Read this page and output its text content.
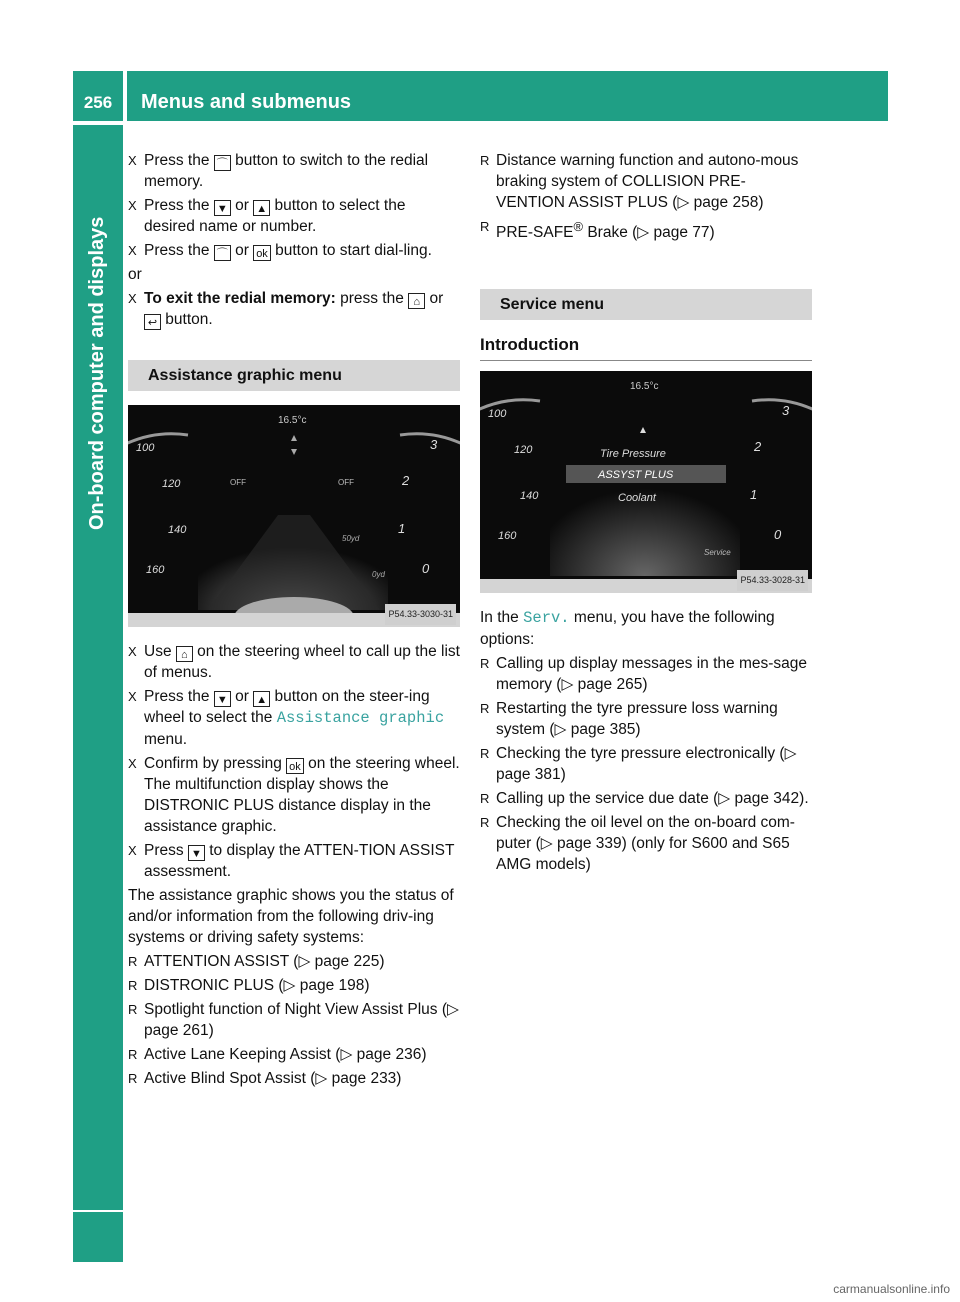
256	Menus and submenus
On-board computer and displays
X Press the ⌒ button to switch to the redial memory.
X Press the ▼ or ▲ button to select the desired name or number.
X Press the ⌒ or ok button to start dial-ling.
or
X To exit the redial memory: press the ⌂ or ↩ button.
Assistance graphic menu
100
120
140
160
3
2
1
0
16.5°c
OFF	OFF
50yd
0yd
P54.33-3030-31
X Use ⌂ on the steering wheel to call up the list of menus.
X Press the ▼ or ▲ button on the steer-ing wheel to select the Assistance graphic menu.
X Confirm by pressing ok on the steering wheel.
The multifunction display shows the DISTRONIC PLUS distance display in the assistance graphic.
X Press ▼ to display the ATTEN-TION ASSIST assessment.
The assistance graphic shows you the status of and/or information from the following driv-ing systems or driving safety systems:
R ATTENTION ASSIST (▷ page 225)
R DISTRONIC PLUS (▷ page 198)
R Spotlight function of Night View Assist Plus (▷ page 261)
R Active Lane Keeping Assist (▷ page 236)
R Active Blind Spot Assist (▷ page 233)
R Distance warning function and autono-mous braking system of COLLISION PRE-VENTION ASSIST PLUS (▷ page 258)
R PRE-SAFE® Brake (▷ page 77)
Service menu
Introduction
100
120
140
160
3
2
1
0
16.5°c
Tire Pressure
ASSYST PLUS
Coolant
Service
P54.33-3028-31
In the Serv. menu, you have the following options:
R Calling up display messages in the mes-sage memory (▷ page 265)
R Restarting the tyre pressure loss warning system (▷ page 385)
R Checking the tyre pressure electronically (▷ page 381)
R Calling up the service due date (▷ page 342).
R Checking the oil level on the on-board com-puter (▷ page 339) (only for S600 and S65 AMG models)
carmanualsonline.info
